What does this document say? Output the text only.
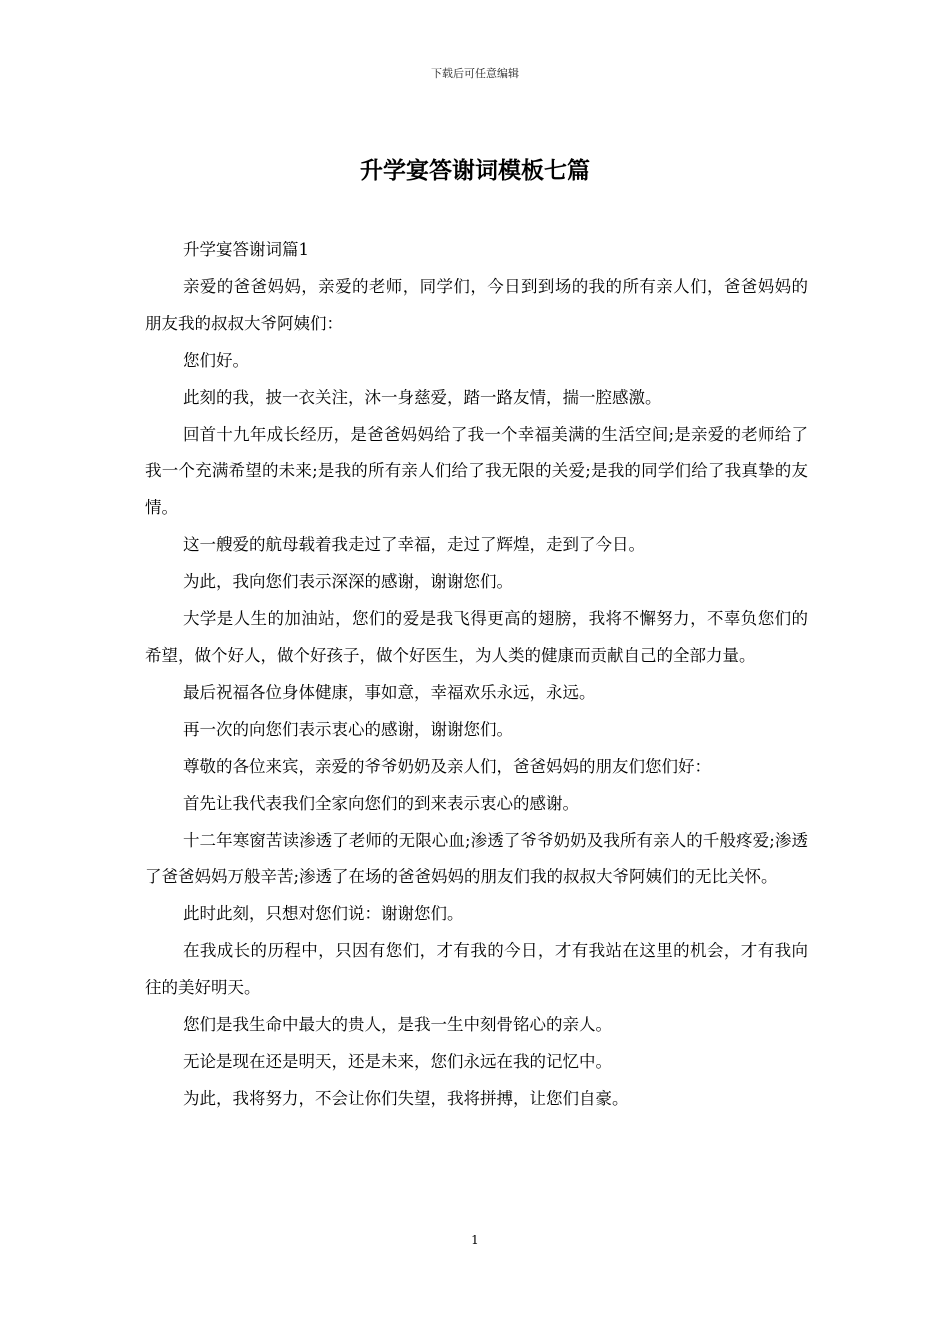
下载后可任意编辑
升学宴答谢词模板七篇

升学宴答谢词篇1

亲爱的爸爸妈妈，亲爱的老师，同学们，今日到到场的我的所有亲人们，爸爸妈妈的朋友我的叔叔大爷阿姨们：

您们好。

此刻的我，披一衣关注，沐一身慈爱，踏一路友情，揣一腔感激。

回首十九年成长经历，是爸爸妈妈给了我一个幸福美满的生活空间;是亲爱的老师给了我一个充满希望的未来;是我的所有亲人们给了我无限的关爱;是我的同学们给了我真挚的友情。

这一艘爱的航母载着我走过了幸福，走过了辉煌，走到了今日。

为此，我向您们表示深深的感谢，谢谢您们。

大学是人生的加油站，您们的爱是我飞得更高的翅膀，我将不懈努力，不辜负您们的希望，做个好人，做个好孩子，做个好医生，为人类的健康而贡献自己的全部力量。

最后祝福各位身体健康，事如意，幸福欢乐永远，永远。

再一次的向您们表示衷心的感谢，谢谢您们。

尊敬的各位来宾，亲爱的爷爷奶奶及亲人们，爸爸妈妈的朋友们您们好：

首先让我代表我们全家向您们的到来表示衷心的感谢。

十二年寒窗苦读渗透了老师的无限心血;渗透了爷爷奶奶及我所有亲人的千般疼爱;渗透了爸爸妈妈万般辛苦;渗透了在场的爸爸妈妈的朋友们我的叔叔大爷阿姨们的无比关怀。

此时此刻，只想对您们说：谢谢您们。

在我成长的历程中，只因有您们，才有我的今日，才有我站在这里的机会，才有我向往的美好明天。

您们是我生命中最大的贵人，是我一生中刻骨铭心的亲人。

无论是现在还是明天，还是未来，您们永远在我的记忆中。

为此，我将努力，不会让你们失望，我将拼搏，让您们自豪。

1
